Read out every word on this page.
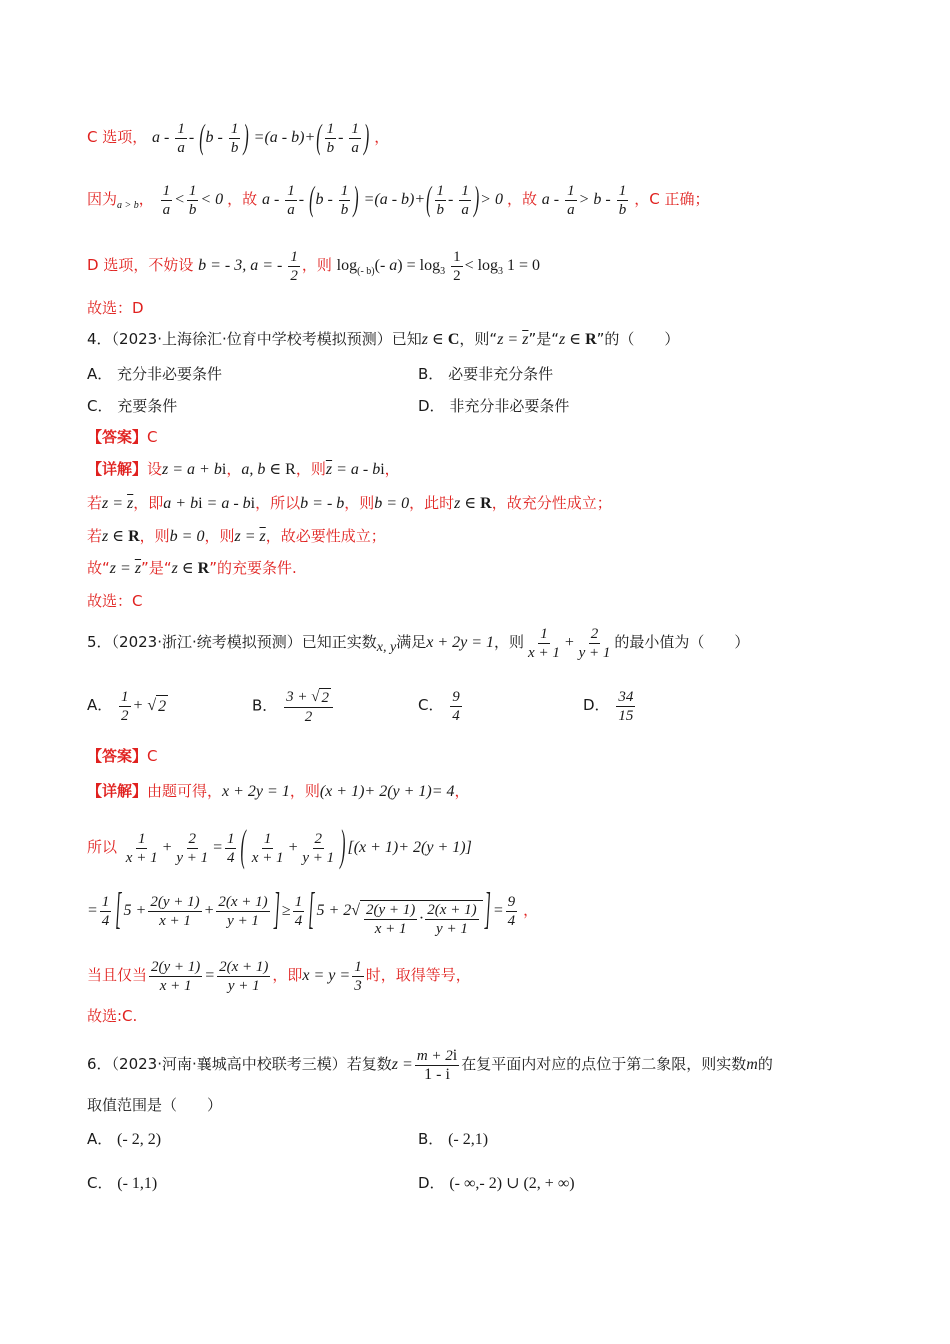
C 选项， a - $\frac{1}{a} - (b - \frac{1}{b}$ ) $=(a - b)+( \frac{1}{b} - \frac{1}{a}$ ) ，
因为$_{a > b}$， $\frac{1}{a} < \frac{1}{b} < 0$ ，故 a - $\frac{1}{a} - (b - \frac{1}{b}$ ) $=(a - b)+( \frac{1}{b} - \frac{1}{a}$ )> 0 ，故 $a - \frac{1}{a} > b - \frac{1}{b}$ ，C 正确；
D 选项，不妨设 b = - 3, a = - $\frac{1}{2}$ ，则 $\log_{(- b)}(-$ $a) = \log_3 \frac{1}{2} < \log_3 1 = 0$
故选：D
4．（2023·上海徐汇·位育中学校考模拟预测）已知z ∈ C，则“$z = \overline{z}$”是“z ∈ R”的（　　）
A． 充分非必要条件	B． 必要非充分条件
C． 充要条件	D． 非充分非必要条件
【答案】C
【详解】设z = a + bi，a, b ∈ R，则$\overline{z} = a$ - bi，
若$z = \overline{z}$，即a + bi = a - bi，所以b = - b，则b = 0，此时z ∈ R，故充分性成立；
若z ∈ R，则b = 0，则$z = \overline{z}$，故必要性成立；
故“$z = \overline{z}$”是“z ∈ R”的充要条件.
故选：C
5．（2023·浙江·统考模拟预测）已知正实数x, y满足x + 2y = 1，则 $\frac{1}{x + 1} + \frac{2}{y + 1}$ 的最小值为（　　）
A． $\frac{1}{2}$ + √ 2	B． $\frac{3 + √ 2}{2}$	C． $\frac{9}{4}$	D． $\frac{34}{15}$
【答案】C
【详解】由题可得，x + 2y = 1，则(x + 1)+ 2(y + 1)= 4，
所以 $\frac{1}{x + 1} + \frac{2}{y + 1} = \frac{1}{4}$ ( $\frac{1}{x + 1} + \frac{2}{y + 1}$ ) [(x + 1)+ 2(y + 1)]
= $\frac{1}{4}$ [ $5 + \frac{2(y + 1)}{x + 1} + \frac{2(x + 1)}{y + 1}$ ] ≥ $\frac{1}{4}$ [ $5 + 2√ \frac{2(y + 1)}{x + 1} \cdot \frac{2(x + 1)}{y + 1}$ ] = $\frac{9}{4}$ ，
当且仅当 $\frac{2(y + 1)}{x + 1} = \frac{2(x + 1)}{y + 1}$ ，即$x = y = \frac{1}{3}$ 时，取得等号，
故选:C.
6．（2023·河南·襄城高中校联考三模）若复数$z = \frac{m + 2i}{1 - i}$ 在复平面内对应的点位于第二象限，则实数m的
取值范围是（　　）
A． (- 2, 2)	B． (- 2,1)
C． (- 1,1)	D． (- ∞,- 2) ∪ (2, + ∞)
